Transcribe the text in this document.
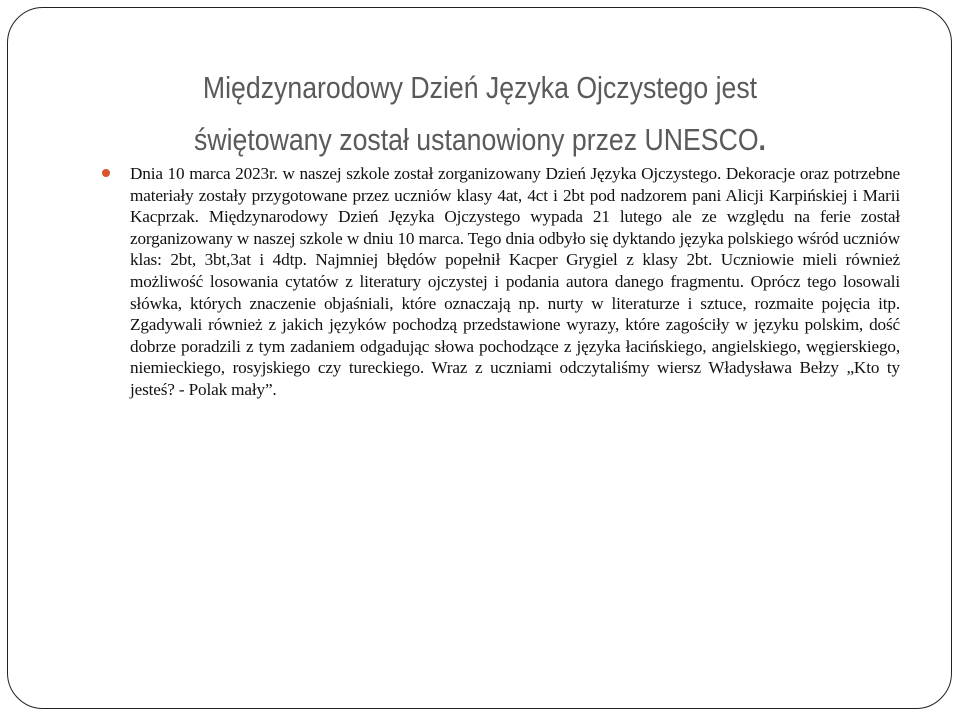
Międzynarodowy Dzień Języka Ojczystego jest
świętowany został ustanowiony przez UNESCO.
Dnia 10 marca 2023r. w naszej szkole został zorganizowany Dzień Języka Ojczystego. Dekoracje oraz potrzebne materiały zostały przygotowane przez uczniów klasy 4at, 4ct i 2bt pod nadzorem pani Alicji Karpińskiej i Marii Kacprzak. Międzynarodowy Dzień Języka Ojczystego wypada 21 lutego ale ze względu na ferie został zorganizowany w naszej szkole w dniu 10 marca. Tego dnia odbyło się dyktando języka polskiego wśród uczniów klas: 2bt, 3bt,3at i 4dtp. Najmniej błędów popełnił Kacper Grygiel z klasy 2bt. Uczniowie mieli również możliwość losowania cytatów z literatury ojczystej i podania autora danego fragmentu. Oprócz tego losowali słówka, których znaczenie objaśniali, które oznaczają np. nurty w literaturze i sztuce, rozmaite pojęcia itp. Zgadywali również z jakich języków pochodzą przedstawione wyrazy, które zagościły w języku polskim, dość dobrze poradzili z tym zadaniem odgadując słowa pochodzące z języka łacińskiego, angielskiego, węgierskiego, niemieckiego, rosyjskiego czy tureckiego. Wraz z uczniami odczytaliśmy wiersz Władysława Bełzy „Kto ty jesteś? - Polak mały”.
